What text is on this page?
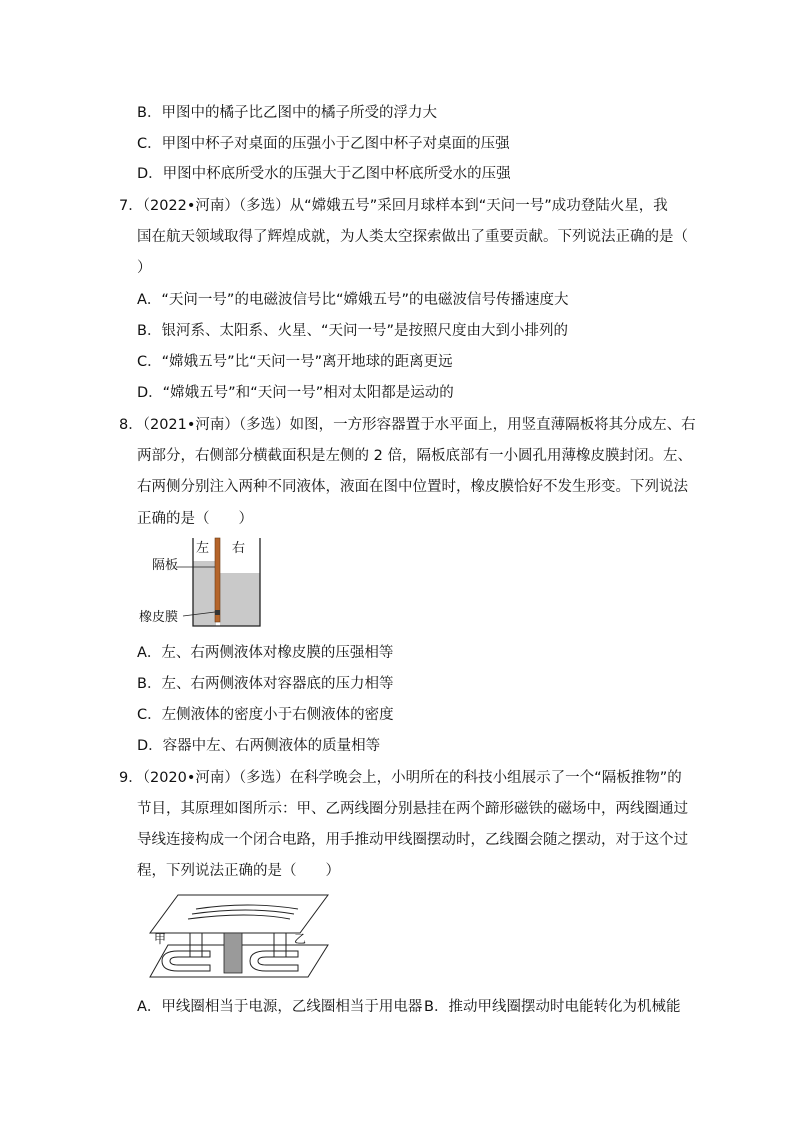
B．甲图中的橘子比乙图中的橘子所受的浮力大
C．甲图中杯子对桌面的压强小于乙图中杯子对桌面的压强
D．甲图中杯底所受水的压强大于乙图中杯底所受水的压强
7．（2022•河南）（多选）从“嫦娥五号”采回月球样本到“天问一号”成功登陆火星，我
国在航天领域取得了辉煌成就，为人类太空探索做出了重要贡献。下列说法正确的是（
）
A．“天问一号”的电磁波信号比“嫦娥五号”的电磁波信号传播速度大
B．银河系、太阳系、火星、“天问一号”是按照尺度由大到小排列的
C．“嫦娥五号”比“天问一号”离开地球的距离更远
D．“嫦娥五号”和“天问一号”相对太阳都是运动的
8．（2021•河南）（多选）如图，一方形容器置于水平面上，用竖直薄隔板将其分成左、右
两部分，右侧部分横截面积是左侧的 2 倍，隔板底部有一小圆孔用薄橡皮膜封闭。左、
右两侧分别注入两种不同液体，液面在图中位置时，橡皮膜恰好不发生形变。下列说法
正确的是（　　）
左 右
隔板
橡皮膜
A．左、右两侧液体对橡皮膜的压强相等
B．左、右两侧液体对容器底的压力相等
C．左侧液体的密度小于右侧液体的密度
D．容器中左、右两侧液体的质量相等
9．（2020•河南）（多选）在科学晚会上，小明所在的科技小组展示了一个“隔板推物”的
节目，其原理如图所示：甲、乙两线圈分别悬挂在两个蹄形磁铁的磁场中，两线圈通过
导线连接构成一个闭合电路，用手推动甲线圈摆动时，乙线圈会随之摆动，对于这个过
程，下列说法正确的是（　　）
甲	乙
A．甲线圈相当于电源，乙线圈相当于用电器 B．推动甲线圈摆动时电能转化为机械能
